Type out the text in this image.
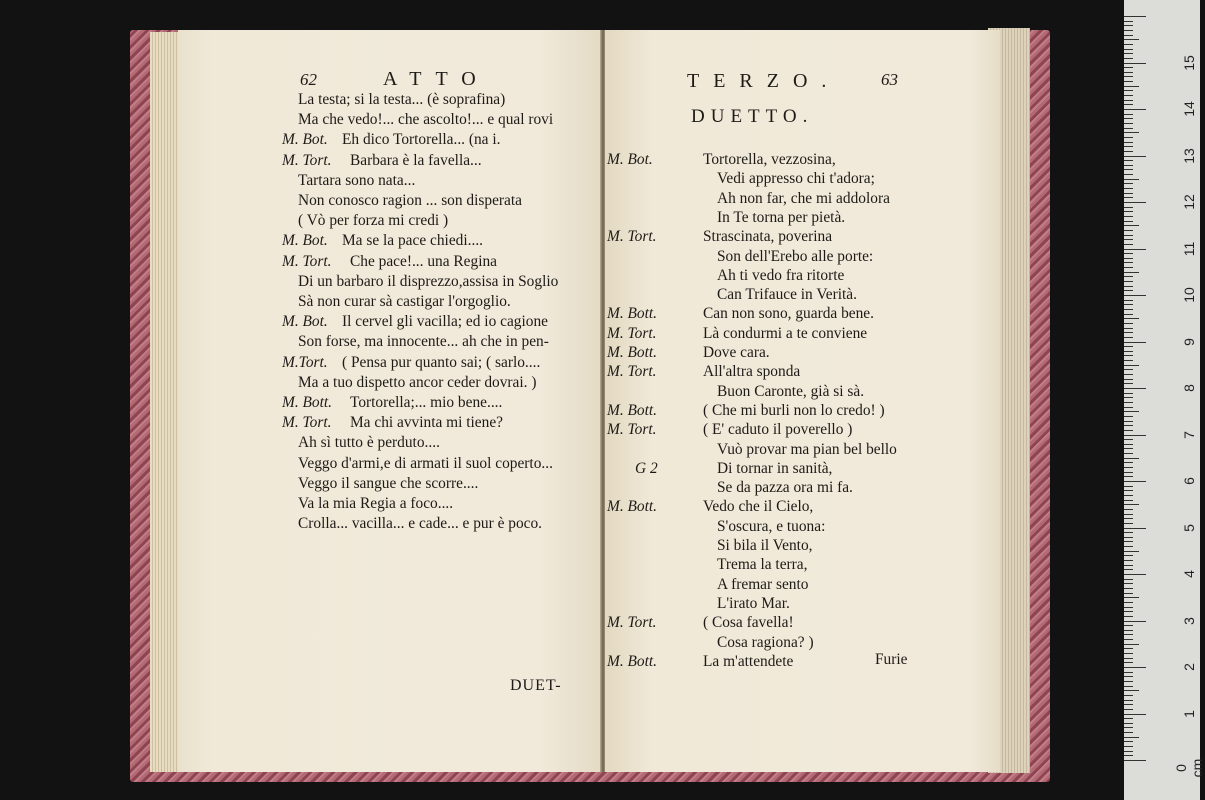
62	ATTO
La testa; si la testa... (è soprafina)
Ma che vedo!... che ascolto!... e qual rovi
M. Bot. Eh dico Tortorella... (na i.
M. Tort. Barbara è la favella...
Tartara sono nata...
Non conosco ragion ... son disperata
( Vò per forza mi credi )
M. Bot. Ma se la pace chiedi....
M. Tort. Che pace!... una Regina
Di un barbaro il disprezzo,assisa in Soglio
Sà non curar sà castigar l'orgoglio.
M. Bot. Il cervel gli vacilla; ed io cagione
Son forse, ma innocente... ah che in pen-
M.Tort. ( Pensa pur quanto sai; ( sarlo....
Ma a tuo dispetto ancor ceder dovrai. )
M. Bott. Tortorella;... mio bene....
M. Tort. Ma chi avvinta mi tiene?
Ah sì tutto è perduto....
Veggo d'armi,e di armati il suol coperto...
Veggo il sangue che scorre....
Va la mia Regia a foco....
Crolla... vacilla... e cade... e pur è poco.
DUET-
TERZO. 63
DUETTO.
M. Bot.	Tortorella, vezzosina,
Vedi appresso chi t'adora;
Ah non far, che mi addolora
In Te torna per pietà.
M. Tort.	Strascinata, poverina
Son dell'Erebo alle porte:
Ah ti vedo fra ritorte
Can Trifauce in Verità.
M. Bott.	Can non sono, guarda bene.
M. Tort.	Là condurmi a te conviene
M. Bott.	Dove cara.
M. Tort.	All'altra sponda
Buon Caronte, già si sà.
M. Bott.	( Che mi burli non lo credo! )
M. Tort.	( E' caduto il poverello )
Vuò provar ma pian bel bello
G 2	Di tornar in sanità,
Se da pazza ora mi fa.
M. Bott.	Vedo che il Cielo,
S'oscura, e tuona:
Si bila il Vento,
Trema la terra,
A fremar sento
L'irato Mar.
M. Tort.	( Cosa favella!
Cosa ragiona? )
M. Bott.	La m'attendete	Furie
0 cm
1
2
3
4
5
6
7
8
9
10
11
12
13
14
15
